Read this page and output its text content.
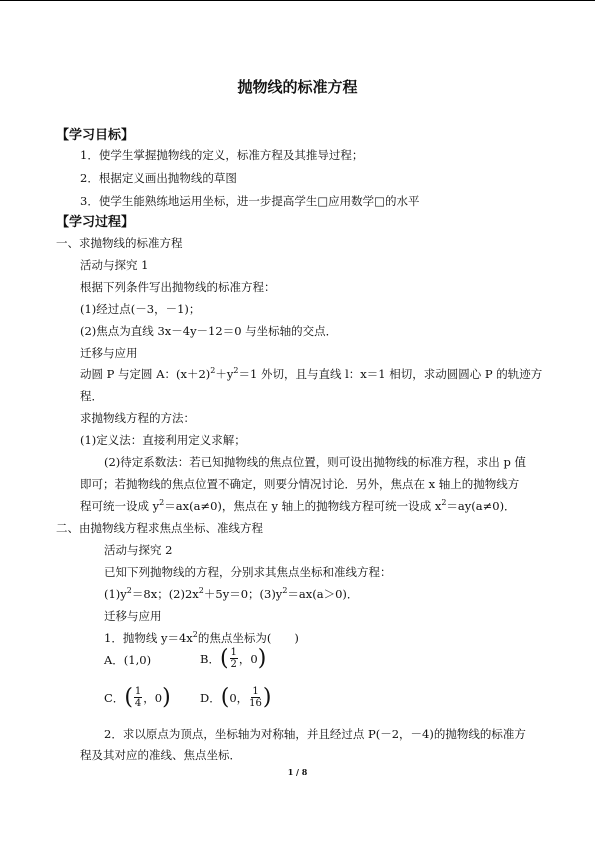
抛物线的标准方程
【学习目标】
1．使学生掌握抛物线的定义，标准方程及其推导过程；
2．根据定义画出抛物线的草图
3．使学生能熟练地运用坐标，进一步提高学生□应用数学□的水平
【学习过程】
一、求抛物线的标准方程
活动与探究 1
根据下列条件写出抛物线的标准方程：
(1)经过点(－3，－1)；
(2)焦点为直线 3x－4y－12＝0 与坐标轴的交点．
迁移与应用
动圆 P 与定圆 A：$(x+2)^2+y^2=1$ 外切，且与直线 l：x＝1 相切，求动圆圆心 P 的轨迹方
程．
求抛物线方程的方法：
(1)定义法：直接利用定义求解；
(2)待定系数法：若已知抛物线的焦点位置，则可设出抛物线的标准方程，求出 p 值
即可；若抛物线的焦点位置不确定，则要分情况讨论．另外，焦点在 x 轴上的抛物线方
程可统一设成 $y^2=ax(a\ne 0)$，焦点在 y 轴上的抛物线方程可统一设成 $x^2=ay(a\ne 0)$．
二、由抛物线方程求焦点坐标、准线方程
活动与探究 2
已知下列抛物线的方程，分别求其焦点坐标和准线方程：
$(1)y^2=8x$；$(2)2x^2+5y=0$；$(3)y^2=ax(a>0)$．
迁移与应用
1．抛物线 $y=4x^2$的焦点坐标为(　　)
A．(1,0)	B． ( $\frac{1}{2}$ ，0 )
C． ( $\frac{1}{4}$ ，0 )	D． ( 0， $\frac{1}{16}$ )
2．求以原点为顶点，坐标轴为对称轴，并且经过点 P(－2，－4)的抛物线的标准方
程及其对应的准线、焦点坐标．
1 / 8
